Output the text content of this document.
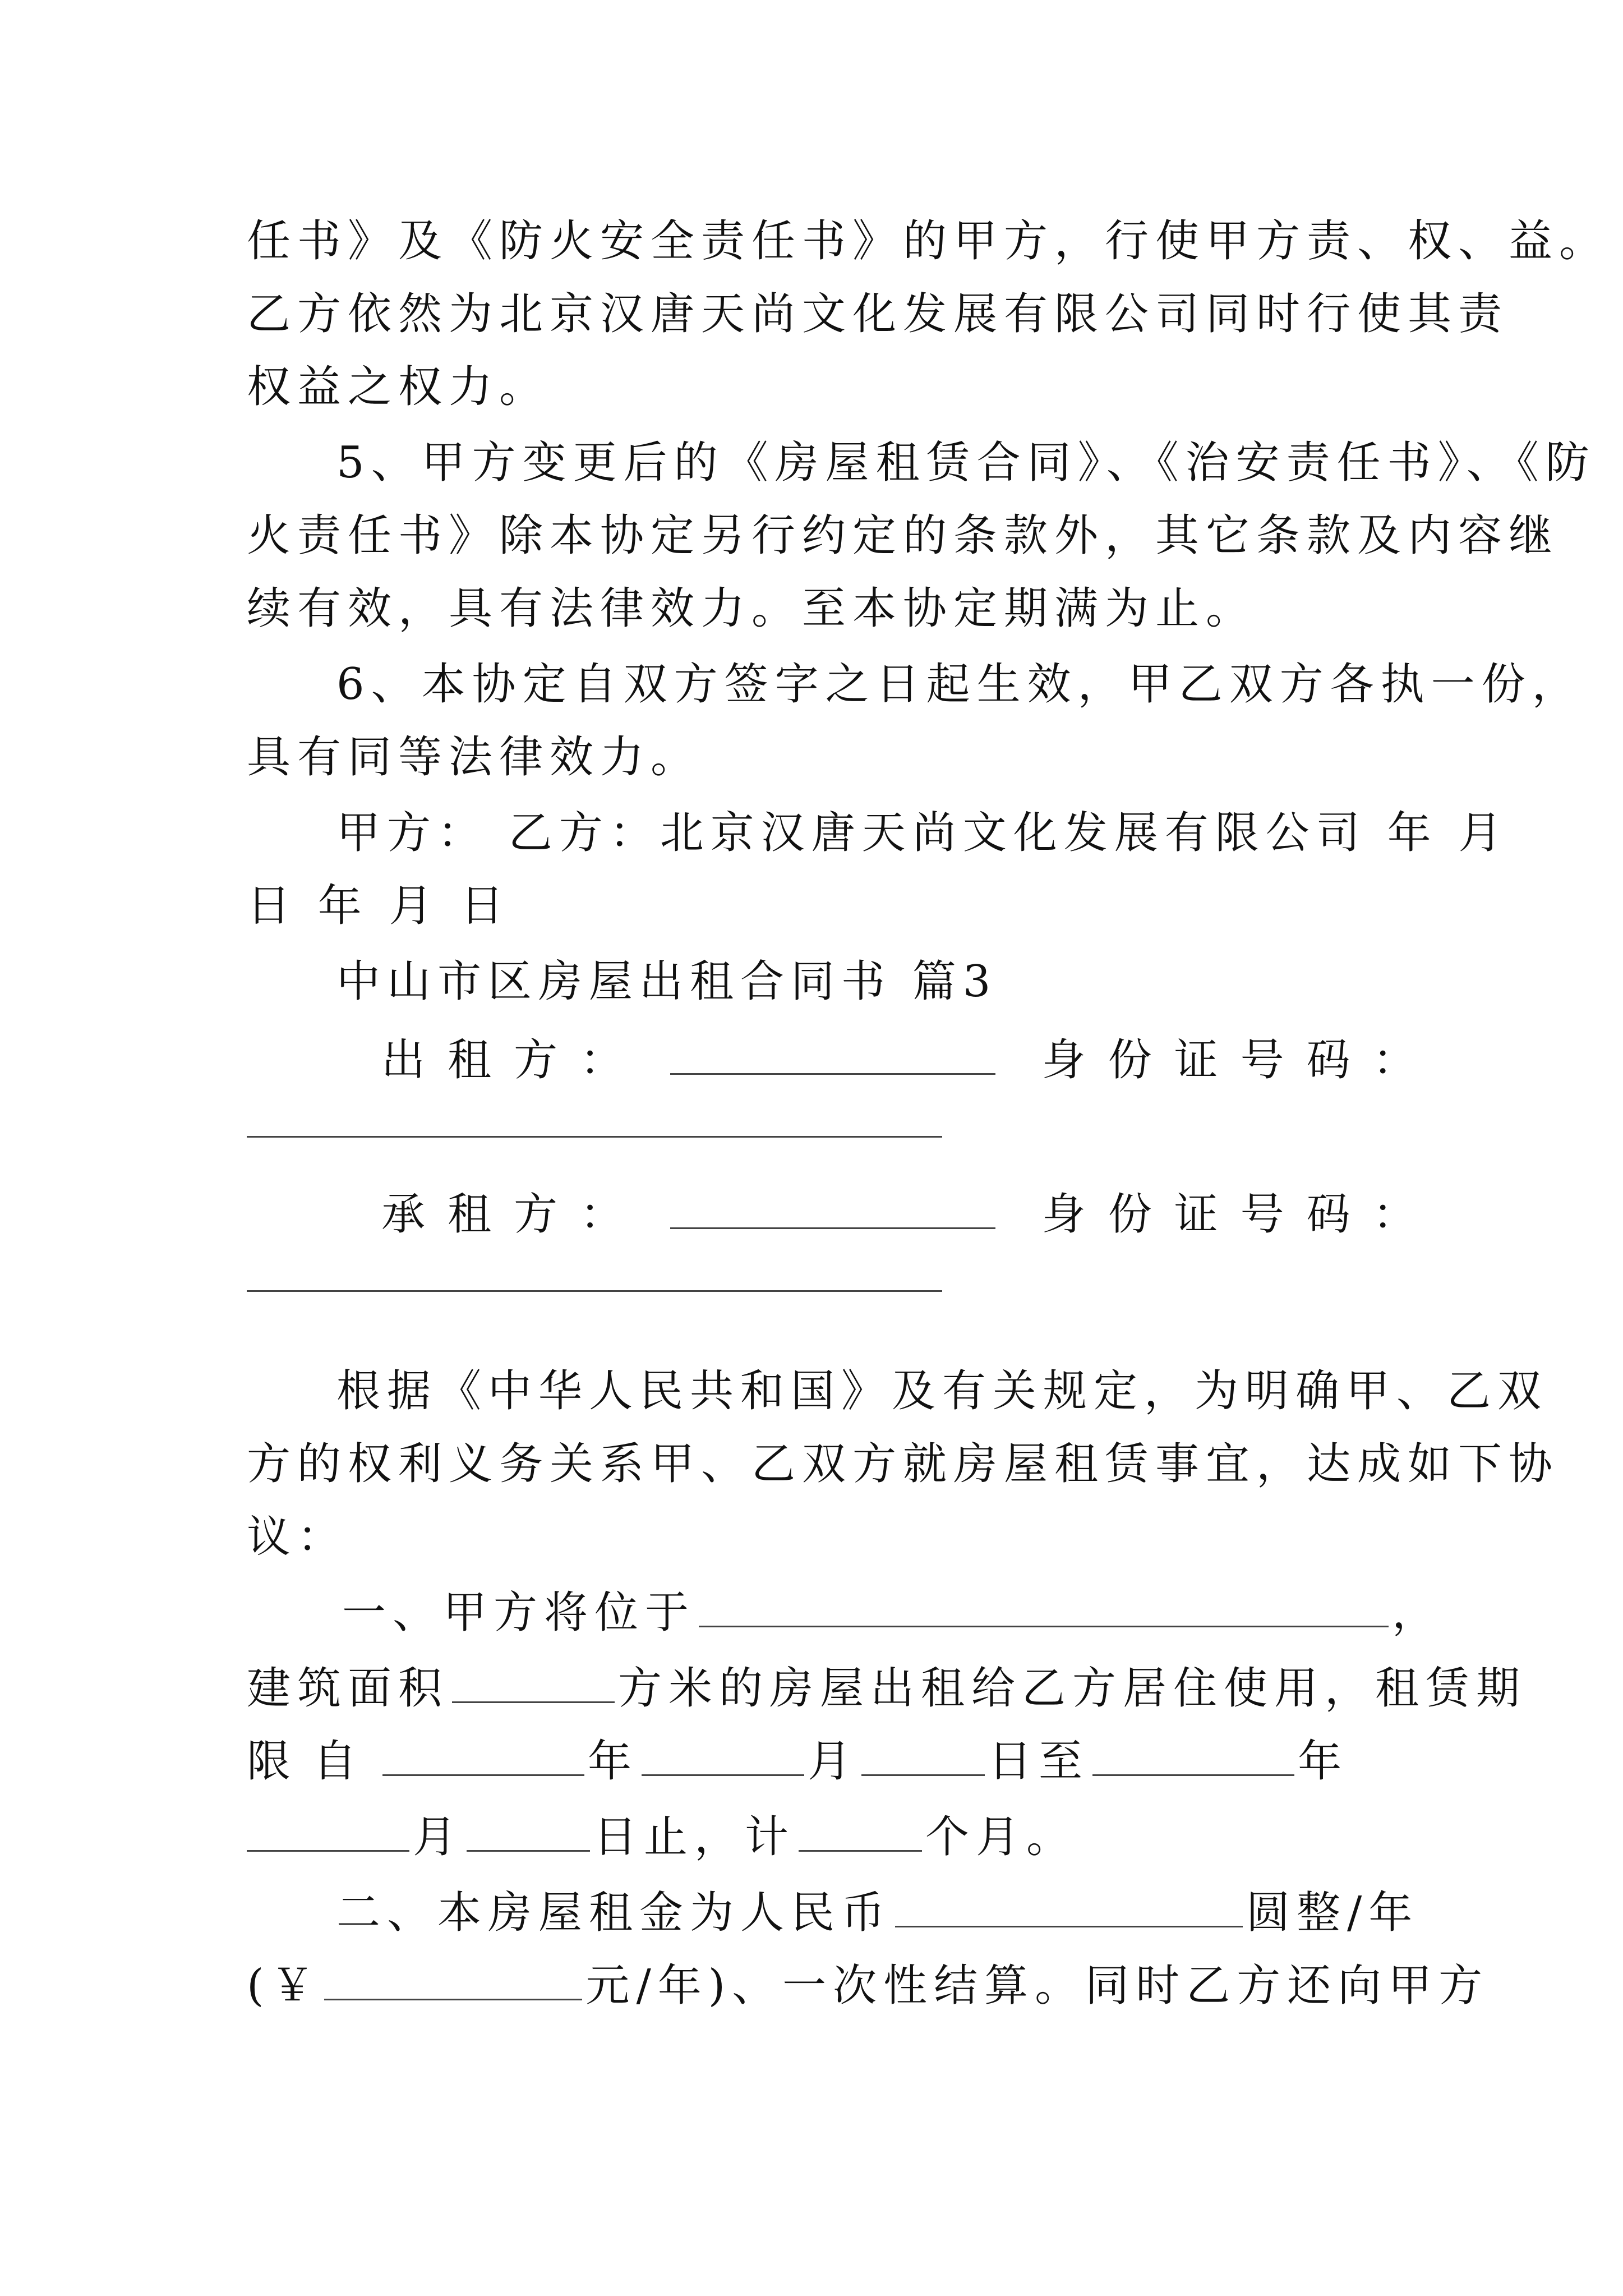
任书》及《防火安全责任书》的甲方，行使甲方责、权、益。
乙方依然为北京汉唐天尚文化发展有限公司同时行使其责
权益之权力。
5、甲方变更后的《房屋租赁合同》、《治安责任书》、《防
火责任书》除本协定另行约定的条款外，其它条款及内容继
续有效，具有法律效力。至本协定期满为止。
6、本协定自双方签字之日起生效，甲乙双方各执一份，
具有同等法律效力。
甲方： 乙方：北京汉唐天尚文化发展有限公司 年 月
日 年 月 日
中山市区房屋出租合同书 篇3
出租方：	身份证号码：
承租方：	身份证号码：
根据《中华人民共和国》及有关规定，为明确甲、乙双
方的权利义务关系甲、乙双方就房屋租赁事宜，达成如下协
议：
一、甲方将位于	，
建筑面积	方米的房屋出租给乙方居住使用，租赁期
限自	年	月	日至	年
月	日止，计	个月。
二、本房屋租金为人民币	圆整/年
(￥	元/年)、一次性结算。同时乙方还向甲方
